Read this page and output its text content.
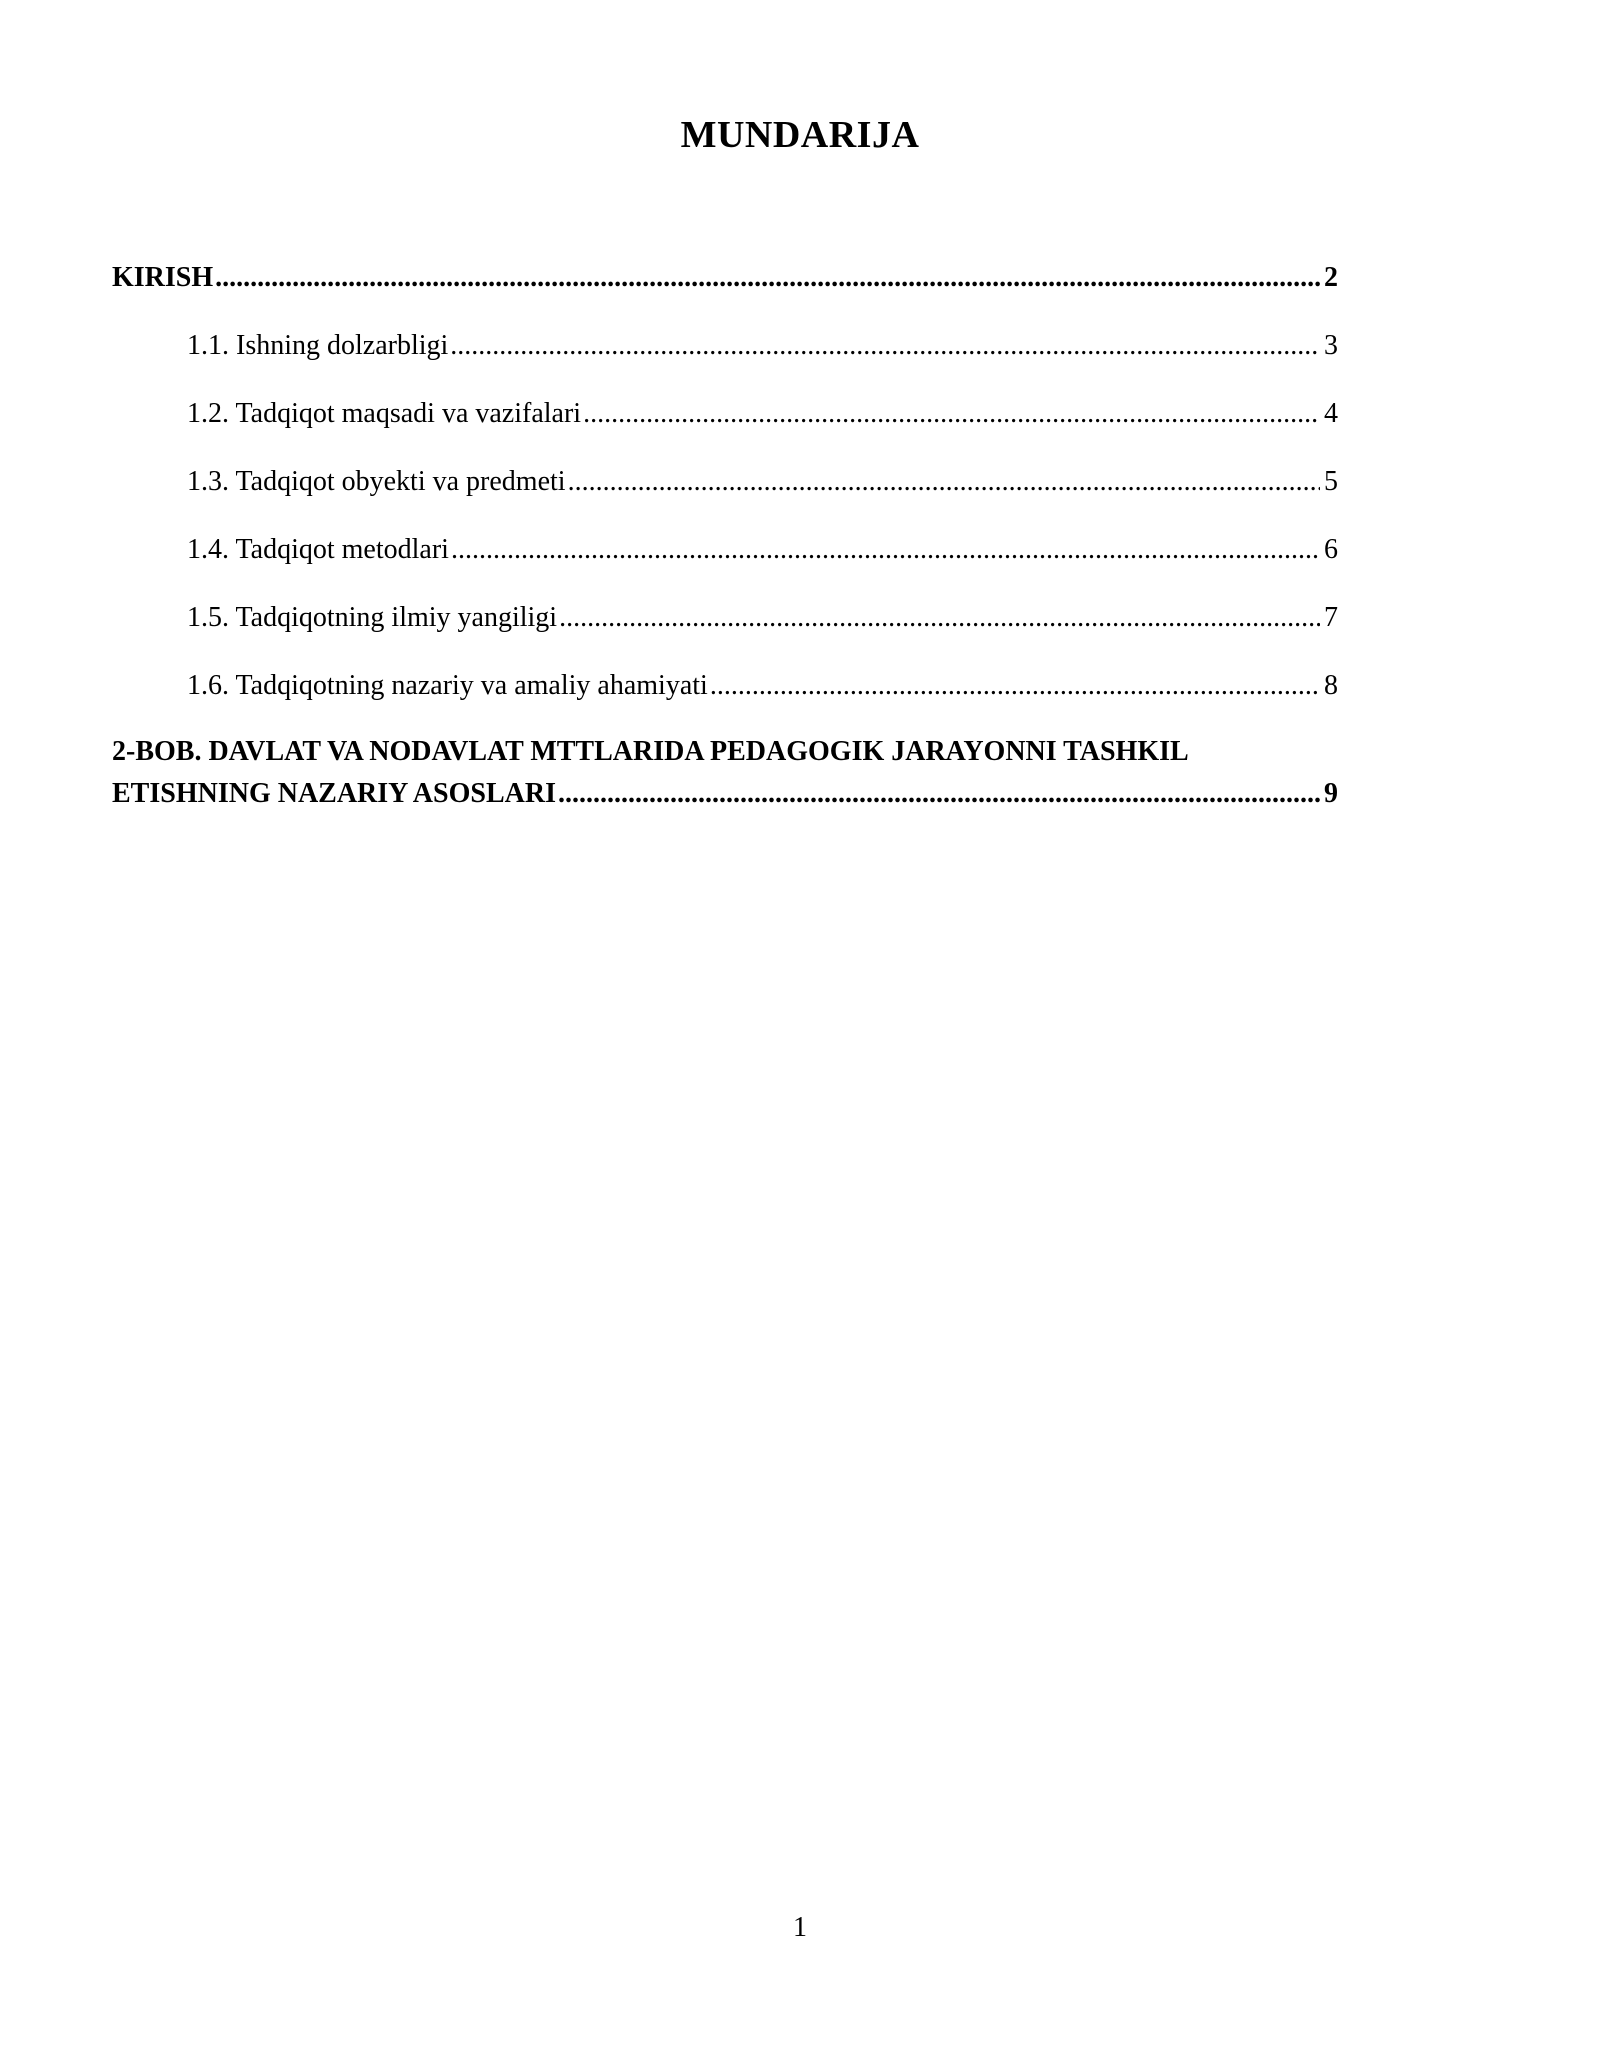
MUNDARIJA
KIRISH .....	2
1.1. Ishning dolzarbligi .....	3
1.2. Tadqiqot maqsadi va vazifalari .....	4
1.3. Tadqiqot obyekti va predmeti .....	5
1.4. Tadqiqot metodlari .....	6
1.5. Tadqiqotning ilmiy yangiligi .....	7
1.6. Tadqiqotning nazariy va amaliy ahamiyati .....	8
2-BOB. DAVLAT VA NODAVLAT MTTLARIDA PEDAGOGIK JARAYONNI TASHKIL
ETISHNING NAZARIY ASOSLARI .....	9
1
